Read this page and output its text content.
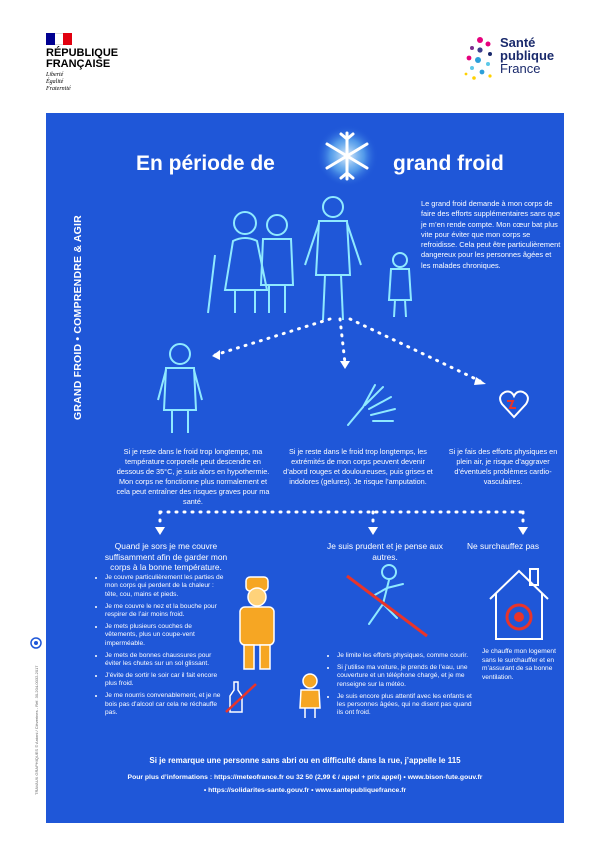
RÉPUBLIQUE FRANÇAISE
Liberté
Égalité
Fraternité
Santé
publique
France
GRAND FROID • COMPRENDRE & AGIR
En période de	grand froid
Le grand froid demande à mon corps de faire des efforts supplémentaires sans que je m’en rende compte. Mon cœur bat plus vite pour éviter que mon corps se refroidisse. Cela peut être particulièrement dangereux pour les personnes âgées et les malades chroniques.
Si je reste dans le froid trop longtemps, ma température corporelle peut descendre en dessous de 35°C, je suis alors en hypothermie. Mon corps ne fonctionne plus normalement et cela peut entraîner des risques graves pour ma santé.
Si je reste dans le froid trop longtemps, les extrémités de mon corps peuvent devenir d’abord rouges et douloureuses, puis grises et indolores (gelures). Je risque l’amputation.
Si je fais des efforts physiques en plein air, je risque d’aggraver d’éventuels problèmes cardio-vasculaires.
Quand je sors je me couvre suffisamment afin de garder mon corps à la bonne température.
Je suis prudent et je pense aux autres.
Ne surchauffez pas
• Je couvre particulièrement les parties de mon corps qui perdent de la chaleur : tête, cou, mains et pieds.
• Je me couvre le nez et la bouche pour respirer de l’air moins froid.
• Je mets plusieurs couches de vêtements, plus un coupe-vent imperméable.
• Je mets de bonnes chaussures pour éviter les chutes sur un sol glissant.
• J’évite de sortir le soir car il fait encore plus froid.
• Je me nourris convenablement, et je ne bois pas d’alcool car cela ne réchauffe pas.
• Je limite les efforts physiques, comme courir.
• Si j’utilise ma voiture, je prends de l’eau, une couverture et un téléphone chargé, et je me renseigne sur la météo.
• Je suis encore plus attentif avec les enfants et les personnes âgées, qui ne disent pas quand ils ont froid.
Je chauffe mon logement sans le surchauffer et en m’assurant de sa bonne ventilation.
Si je remarque une personne sans abri ou en difficulté dans la rue, j’appelle le 115
Pour plus d’informations : https://meteofrance.fr ou 32 50 (2,99 € / appel + prix appel) • www.bison-fute.gouv.fr
• https://solidarites-sante.gouv.fr • www.santepubliquefrance.fr
TRAVAUX GRAPHIQUES © Antoni / Cléverines - Réf. 30-204-0032-2017
